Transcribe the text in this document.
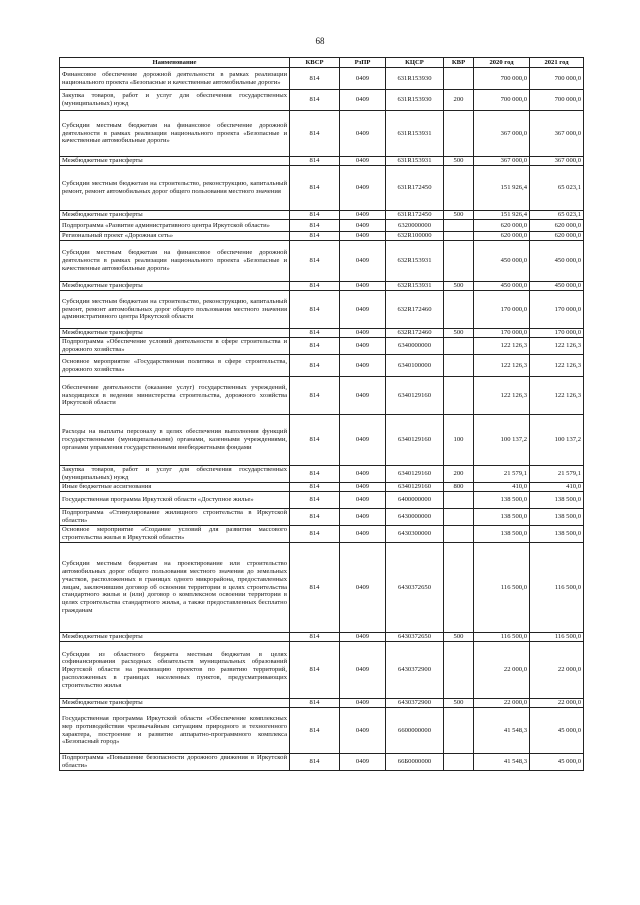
68
Наименование	КВСР	РзПР	КЦСР	КВР	2020 год	2021 год
Финансовое обеспечение дорожной деятельности в рамках реализации национального проекта «Безопасные и качественные автомобильные дороги»	814	0409	631R153930		700 000,0	700 000,0
Закупка товаров, работ и услуг для обеспечения государственных (муниципальных) нужд	814	0409	631R153930	200	700 000,0	700 000,0
Субсидии местным бюджетам на финансовое обеспечение дорожной деятельности в рамках реализации национального проекта «Безопасные и качественные автомобильные дороги»	814	0409	631R153931		367 000,0	367 000,0
Межбюджетные трансферты	814	0409	631R153931	500	367 000,0	367 000,0
Субсидии местным бюджетам на строительство, реконструкцию, капитальный ремонт, ремонт автомобильных дорог общего пользования местного значения	814	0409	631R172450		151 926,4	65 023,1
Межбюджетные трансферты	814	0409	631R172450	500	151 926,4	65 023,1
Подпрограмма «Развитие административного центра Иркутской области»	814	0409	6320000000		620 000,0	620 000,0
Региональный проект «Дорожная сеть»	814	0409	632R100000		620 000,0	620 000,0
Субсидии местным бюджетам на финансовое обеспечение дорожной деятельности в рамках реализации национального проекта «Безопасные и качественные автомобильные дороги»	814	0409	632R153931		450 000,0	450 000,0
Межбюджетные трансферты	814	0409	632R153931	500	450 000,0	450 000,0
Субсидии местным бюджетам на строительство, реконструкцию, капитальный ремонт, ремонт автомобильных дорог общего пользования местного значения административного центра Иркутской области	814	0409	632R172460		170 000,0	170 000,0
Межбюджетные трансферты	814	0409	632R172460	500	170 000,0	170 000,0
Подпрограмма «Обеспечение условий деятельности в сфере строительства и дорожного хозяйства»	814	0409	6340000000		122 126,3	122 126,3
Основное мероприятие «Государственная политика в сфере строительства, дорожного хозяйства»	814	0409	6340100000		122 126,3	122 126,3
Обеспечение деятельности (оказание услуг) государственных учреждений, находящихся в ведении министерства строительства, дорожного хозяйства Иркутской области	814	0409	6340129160		122 126,3	122 126,3
Расходы на выплаты персоналу в целях обеспечения выполнения функций государственными (муниципальными) органами, казенными учреждениями, органами управления государственными внебюджетными фондами	814	0409	6340129160	100	100 137,2	100 137,2
Закупка товаров, работ и услуг для обеспечения государственных (муниципальных) нужд	814	0409	6340129160	200	21 579,1	21 579,1
Иные бюджетные ассигнования	814	0409	6340129160	800	410,0	410,0
Государственная программа Иркутской области «Доступное жилье»	814	0409	6400000000		138 500,0	138 500,0
Подпрограмма «Стимулирование жилищного строительства в Иркутской области»	814	0409	6430000000		138 500,0	138 500,0
Основное мероприятие «Создание условий для развития массового строительства жилья в Иркутской области»	814	0409	6430300000		138 500,0	138 500,0
Субсидии местным бюджетам на проектирование или строительство автомобильных дорог общего пользования местного значения до земельных участков, расположенных в границах одного микрорайона, предоставленных лицам, заключившим договор об освоении территории в целях строительства стандартного жилья и (или) договор о комплексном освоении территории в целях строительства стандартного жилья, а также предоставленных бесплатно гражданам	814	0409	6430372650		116 500,0	116 500,0
Межбюджетные трансферты	814	0409	6430372650	500	116 500,0	116 500,0
Субсидии из областного бюджета местным бюджетам в целях софинансирования расходных обязательств муниципальных образований Иркутской области на реализацию проектов по развитию территорий, расположенных в границах населенных пунктов, предусматривающих строительство жилья	814	0409	6430372900		22 000,0	22 000,0
Межбюджетные трансферты	814	0409	6430372900	500	22 000,0	22 000,0
Государственная программа Иркутской области «Обеспечение комплексных мер противодействия чрезвычайным ситуациям природного и техногенного характера, построение и развитие аппаратно-программного комплекса «Безопасный город»	814	0409	6600000000		41 548,3	45 000,0
Подпрограмма «Повышение безопасности дорожного движения в Иркутской области»	814	0409	66Б0000000		41 548,3	45 000,0
